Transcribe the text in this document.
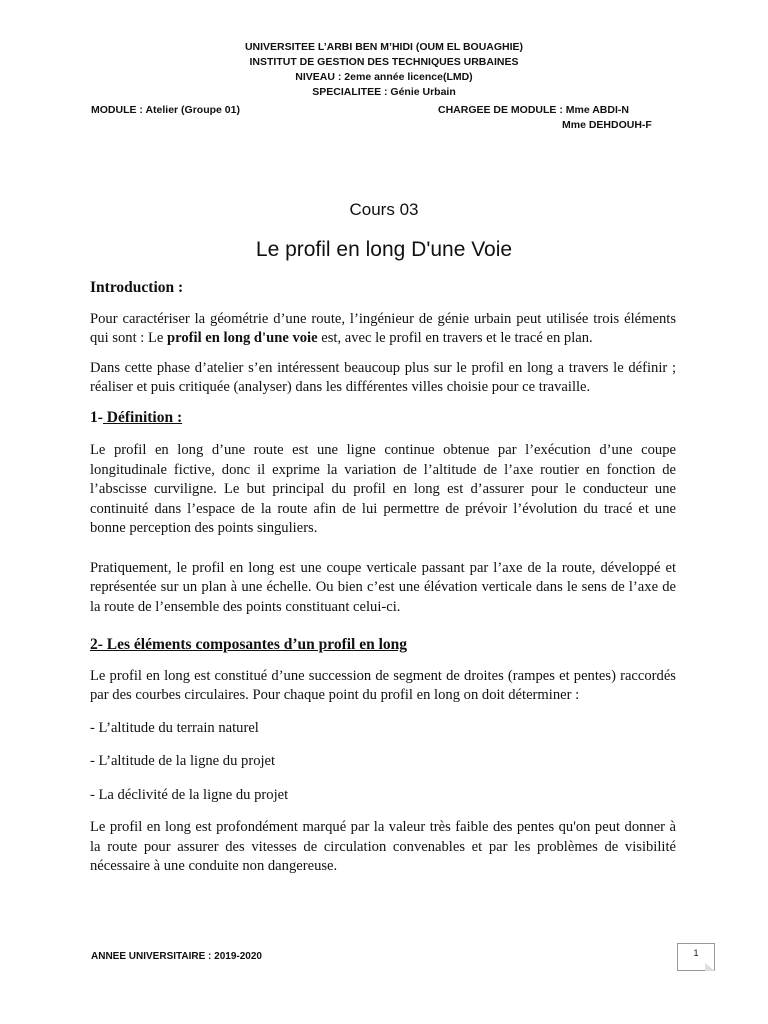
UNIVERSITEE L’ARBI BEN M’HIDI (OUM EL BOUAGHIE)
INSTITUT DE GESTION DES TECHNIQUES URBAINES
NIVEAU : 2eme année licence(LMD)
SPECIALITEE : Génie Urbain
MODULE : Atelier (Groupe 01)	CHARGEE DE MODULE : Mme ABDI-N
Mme DEHDOUH-F
Cours 03
Le profil en long D'une Voie

Introduction :

Pour caractériser la géométrie d’une route, l’ingénieur de génie urbain peut utilisée trois éléments qui sont : Le profil en long d'une voie est, avec le profil en travers et le tracé en plan.

Dans cette phase d’atelier s’en intéressent beaucoup plus sur le profil en long a travers le définir ; réaliser et puis critiquée (analyser) dans les différentes villes choisie pour ce travaille.

1- Définition :

Le profil en long d’une route est une ligne continue obtenue par l’exécution d’une coupe longitudinale fictive, donc il exprime la variation de l’altitude de l’axe routier en fonction de l’abscisse curviligne. Le but principal du profil en long est d’assurer pour le conducteur une continuité dans l’espace de la route afin de lui permettre de prévoir l’évolution du tracé et une bonne perception des points singuliers.

Pratiquement, le profil en long est une coupe verticale passant par l’axe de la route, développé et représentée sur un plan à une échelle. Ou bien c’est une élévation verticale dans le sens de l’axe de la route de l’ensemble des points constituant celui-ci.

2- Les éléments composantes d’un profil en long

Le profil en long est constitué d’une succession de segment de droites (rampes et pentes) raccordés par des courbes circulaires. Pour chaque point du profil en long on doit déterminer :

- L’altitude du terrain naturel

- L’altitude de la ligne du projet

- La déclivité de la ligne du projet

Le profil en long est profondément marqué par la valeur très faible des pentes qu'on peut donner à la route pour assurer des vitesses de circulation convenables et par les problèmes de visibilité nécessaire à une conduite non dangereuse.

ANNEE UNIVERSITAIRE : 2019-2020	1
